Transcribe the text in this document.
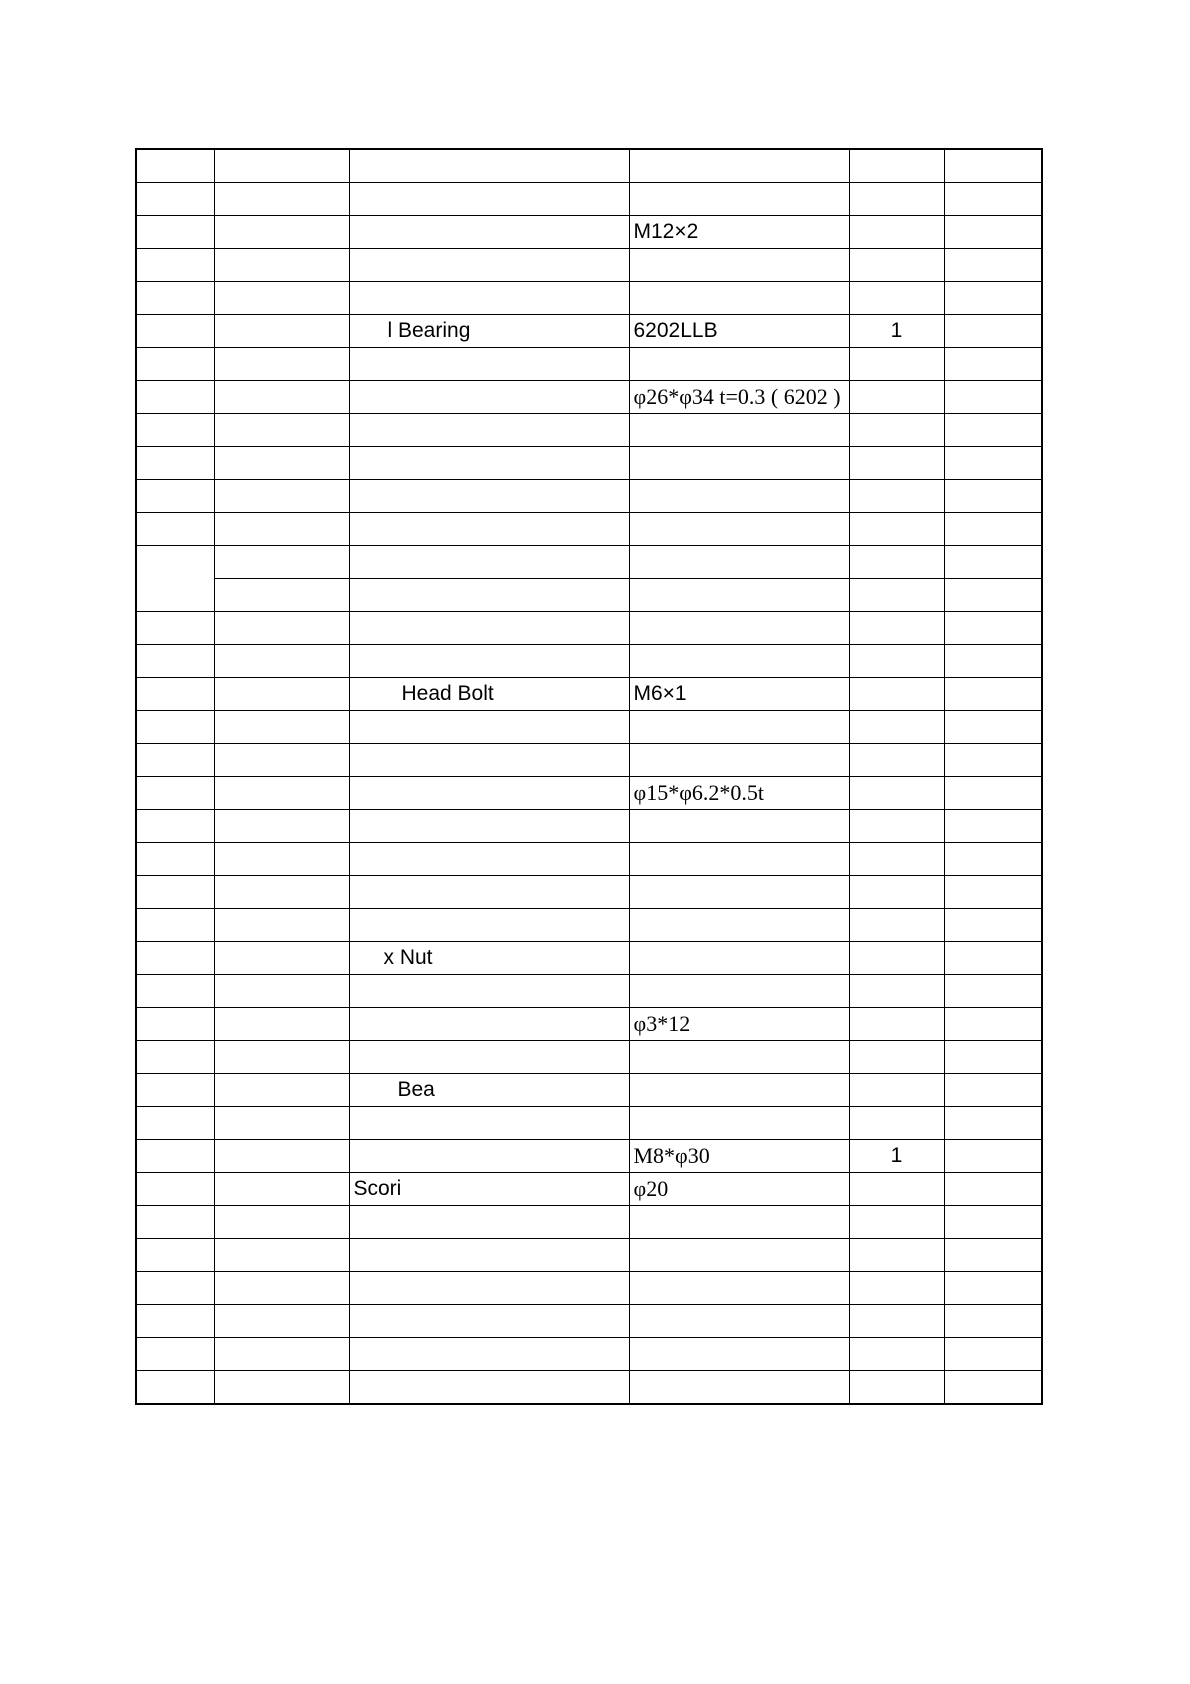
			M12×2		

		l Bearing	6202LLB	1	

			φ26*φ34 t=0.3 ( 6202 )		

		Head Bolt	M6×1		

			φ15*φ6.2*0.5t		

		x Nut			

			φ3*12		

		Bea			

			M8*φ30	1	
		Scori	φ20		
